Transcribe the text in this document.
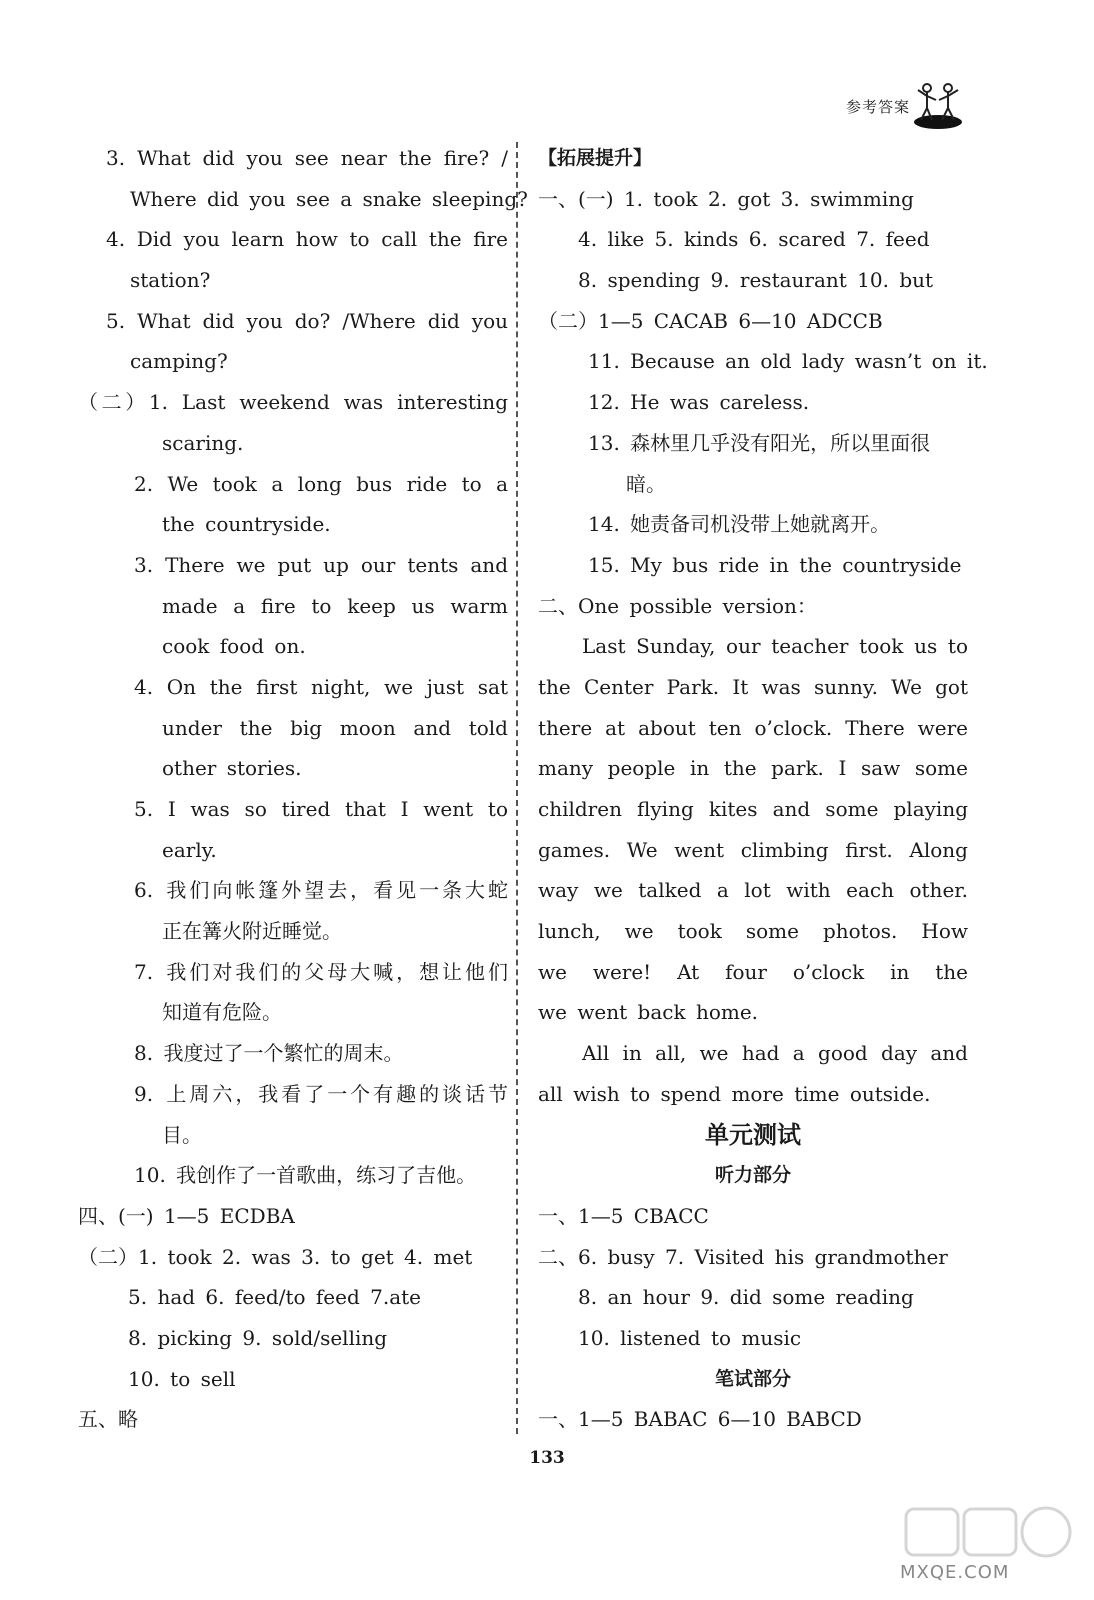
参考答案
3. What did you see near the fire? /
Where did you see a snake sleeping?
4. Did you learn how to call the fire
station?
5. What did you do? /Where did you
camping?
（二）1. Last weekend was interesting
scaring.
2. We took a long bus ride to a
the countryside.
3. There we put up our tents and
made a fire to keep us warm
cook food on.
4. On the first night, we just sat
under the big moon and told
other stories.
5. I was so tired that I went to
early.
6. 我们向帐篷外望去，看见一条大蛇
正在篝火附近睡觉。
7. 我们对我们的父母大喊，想让他们
知道有危险。
8. 我度过了一个繁忙的周末。
9. 上周六，我看了一个有趣的谈话节
目。
10. 我创作了一首歌曲，练习了吉他。
四、(一) 1—5 ECDBA
（二）1. took 2. was 3. to get 4. met
5. had 6. feed/to feed 7.ate
8. picking 9. sold/selling
10. to sell
五、略
【拓展提升】
一、(一) 1. took 2. got 3. swimming
4. like 5. kinds 6. scared 7. feed
8. spending 9. restaurant 10. but
（二）1—5 CACAB 6—10 ADCCB
11. Because an old lady wasn’t on it.
12. He was careless.
13. 森林里几乎没有阳光，所以里面很
暗。
14. 她责备司机没带上她就离开。
15. My bus ride in the countryside
二、One possible version：
Last Sunday, our teacher took us to
the Center Park. It was sunny. We got
there at about ten o’clock. There were
many people in the park. I saw some
children flying kites and some playing
games. We went climbing first. Along
way we talked a lot with each other.
lunch, we took some photos. How
we were! At four o’clock in the
we went back home.
All in all, we had a good day and
all wish to spend more time outside.
单元测试
听力部分
一、1—5 CBACC
二、6. busy 7. Visited his grandmother
8. an hour 9. did some reading
10. listened to music
笔试部分
一、1—5 BABAC 6—10 BABCD
133
MXQE.COM
